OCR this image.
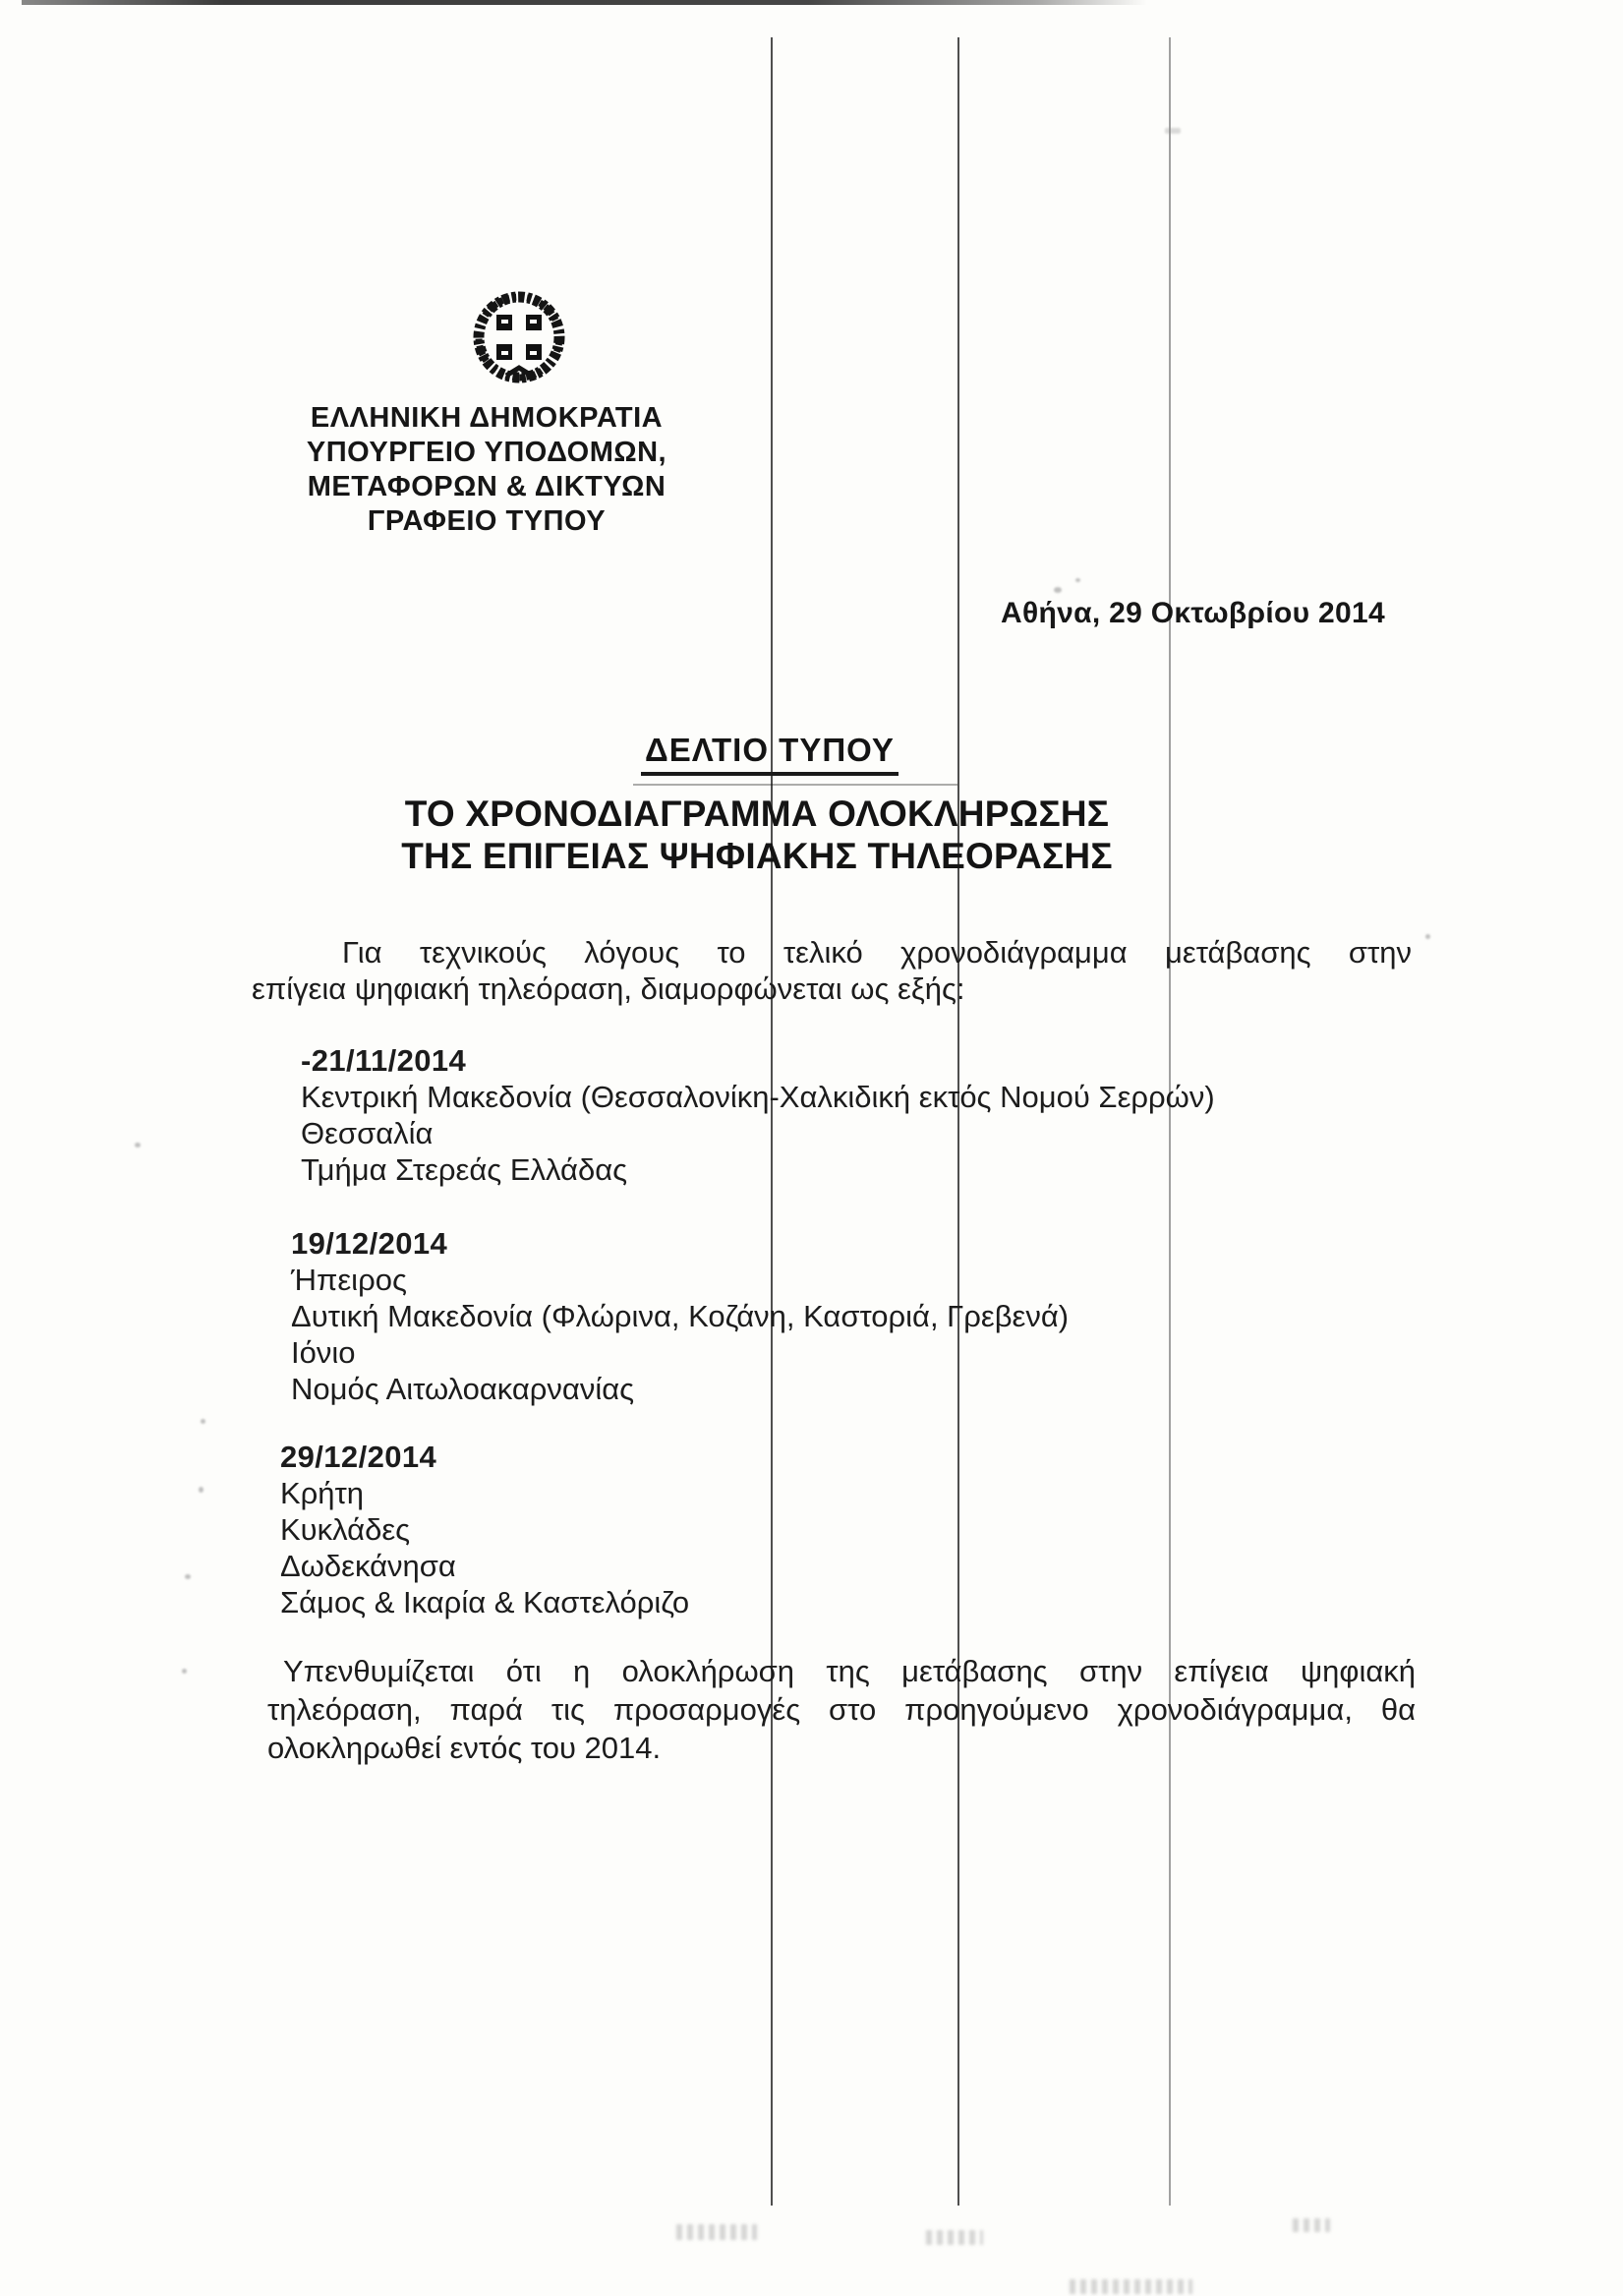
ΕΛΛΗΝΙΚΗ ΔΗΜΟΚΡΑΤΙΑ
ΥΠΟΥΡΓΕΙΟ ΥΠΟΔΟΜΩΝ,
ΜΕΤΑΦΟΡΩΝ & ΔΙΚΤΥΩΝ
ΓΡΑΦΕΙΟ ΤΥΠΟΥ
Αθήνα, 29 Οκτωβρίου 2014
ΔΕΛΤΙΟ ΤΥΠΟΥ
ΤΟ ΧΡΟΝΟΔΙΑΓΡΑΜΜΑ ΟΛΟΚΛΗΡΩΣΗΣ
ΤΗΣ ΕΠΙΓΕΙΑΣ ΨΗΦΙΑΚΗΣ ΤΗΛΕΟΡΑΣΗΣ
Για τεχνικούς λόγους το τελικό χρονοδιάγραμμα μετάβασης στην
επίγεια ψηφιακή τηλεόραση, διαμορφώνεται ως εξής:
-21/11/2014
Κεντρική Μακεδονία (Θεσσαλονίκη-Χαλκιδική εκτός Νομού Σερρών)
Θεσσαλία
Τμήμα Στερεάς Ελλάδας
19/12/2014
Ήπειρος
Δυτική Μακεδονία (Φλώρινα, Κοζάνη, Καστοριά, Γρεβενά)
Ιόνιο
Νομός Αιτωλοακαρνανίας
29/12/2014
Κρήτη
Κυκλάδες
Δωδεκάνησα
Σάμος & Ικαρία & Καστελόριζο
Υπενθυμίζεται ότι η ολοκλήρωση της μετάβασης στην επίγεια ψηφιακή
τηλεόραση, παρά τις προσαρμογές στο προηγούμενο χρονοδιάγραμμα, θα
ολοκληρωθεί εντός του 2014.
